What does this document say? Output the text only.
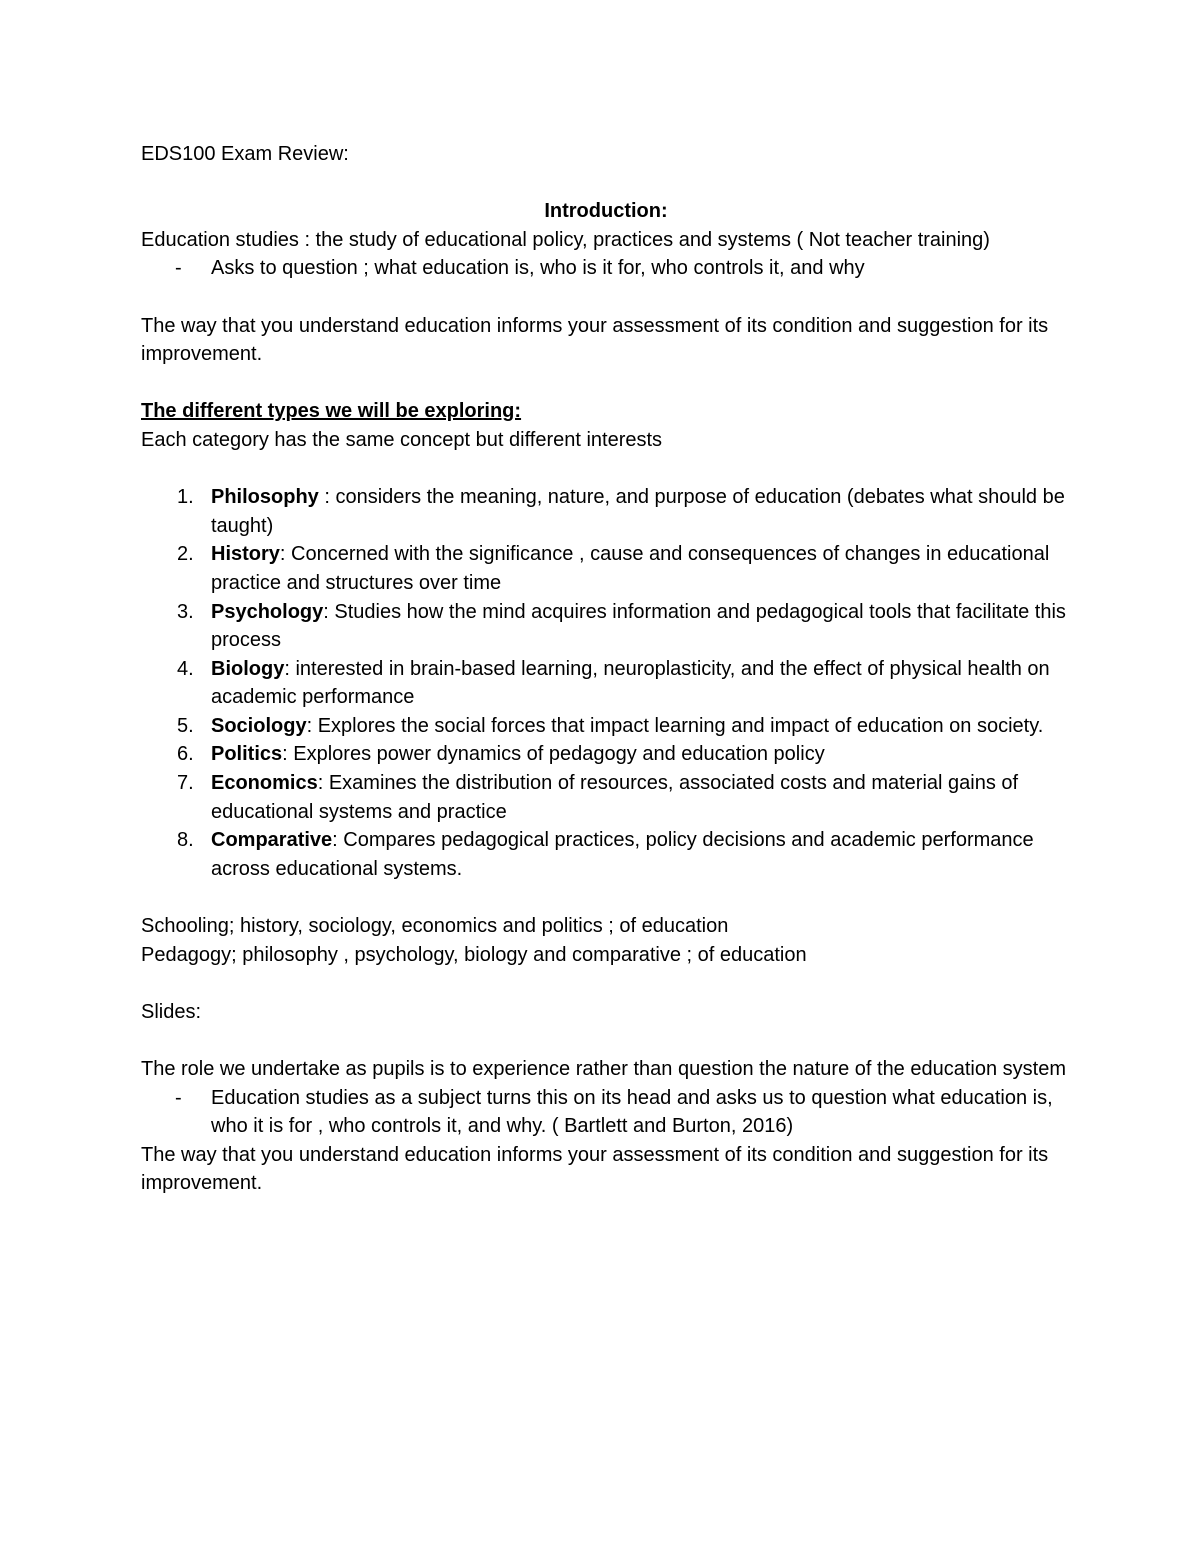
EDS100 Exam Review:

Introduction:

Education studies : the study of educational policy, practices and systems ( Not teacher training)

- Asks to question ; what education is, who is it for, who controls it, and why

The way that you understand education informs your assessment of its condition and suggestion for its improvement.

The different types we will be exploring:

Each category has the same concept but different interests

1. Philosophy : considers the meaning, nature, and purpose of education (debates what should be taught)
2. History: Concerned with the significance , cause and consequences of changes in educational practice and structures over time
3. Psychology: Studies how the mind acquires information and pedagogical tools that facilitate this process
4. Biology: interested in brain-based learning, neuroplasticity, and the effect of physical health on academic performance
5. Sociology: Explores the social forces that impact learning and impact of education on society.
6. Politics: Explores power dynamics of pedagogy and education policy
7. Economics: Examines the distribution of resources, associated costs and material gains of educational systems and practice
8. Comparative: Compares pedagogical practices, policy decisions and academic performance across educational systems.

Schooling; history, sociology, economics and politics ; of education

Pedagogy; philosophy , psychology, biology and comparative ; of education

Slides:

The role we undertake as pupils is to experience rather than question the nature of the education system

- Education studies as a subject turns this on its head and asks us to question what education is, who it is for , who controls it, and why. ( Bartlett and Burton, 2016)

The way that you understand education informs your assessment of its condition and suggestion for its improvement.
